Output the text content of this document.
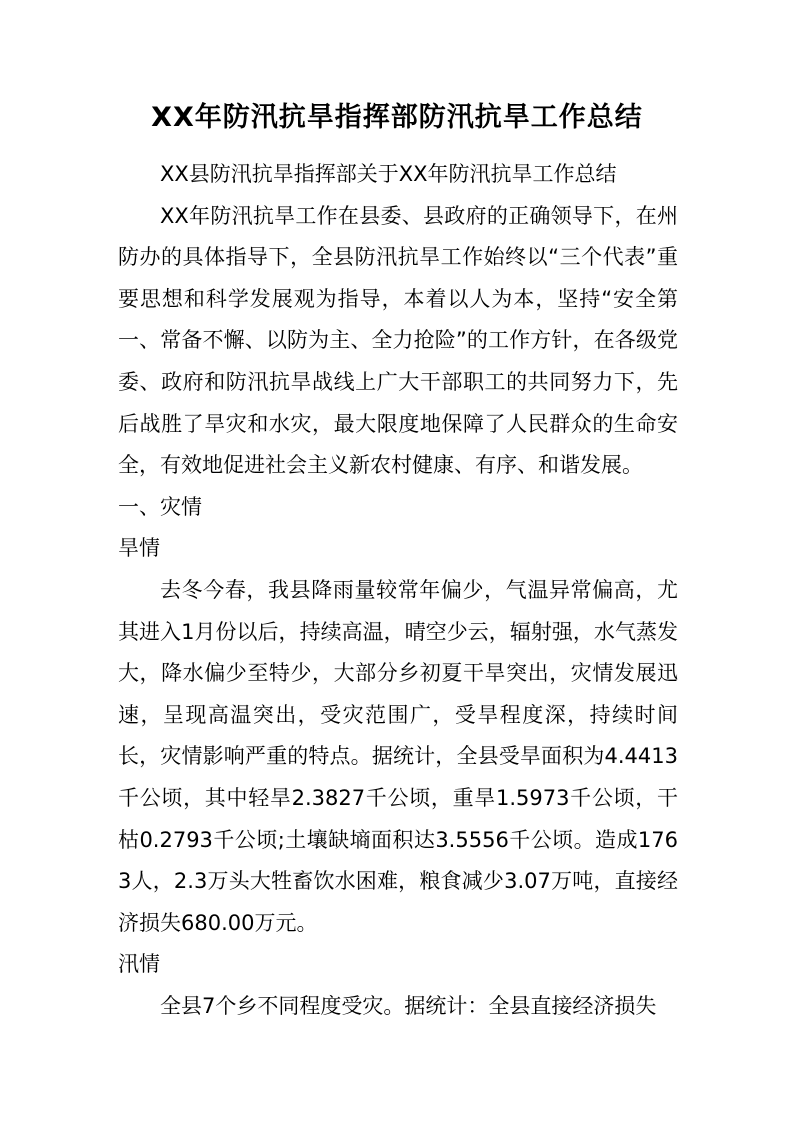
XX年防汛抗旱指挥部防汛抗旱工作总结

XX县防汛抗旱指挥部关于XX年防汛抗旱工作总结

XX年防汛抗旱工作在县委、县政府的正确领导下，在州防办的具体指导下，全县防汛抗旱工作始终以“三个代表”重要思想和科学发展观为指导，本着以人为本，坚持“安全第一、常备不懈、以防为主、全力抢险”的工作方针，在各级党委、政府和防汛抗旱战线上广大干部职工的共同努力下，先后战胜了旱灾和水灾，最大限度地保障了人民群众的生命安全，有效地促进社会主义新农村健康、有序、和谐发展。

一、灾情

旱情

去冬今春，我县降雨量较常年偏少，气温异常偏高，尤其进入1月份以后，持续高温，晴空少云，辐射强，水气蒸发大，降水偏少至特少，大部分乡初夏干旱突出，灾情发展迅速，呈现高温突出，受灾范围广，受旱程度深，持续时间长，灾情影响严重的特点。据统计，全县受旱面积为4.4413千公顷，其中轻旱2.3827千公顷，重旱1.5973千公顷，干枯0.2793千公顷;土壤缺墒面积达3.5556千公顷。造成1763人，2.3万头大牲畜饮水困难，粮食减少3.07万吨，直接经济损失680.00万元。

汛情

全县7个乡不同程度受灾。据统计：全县直接经济损失
